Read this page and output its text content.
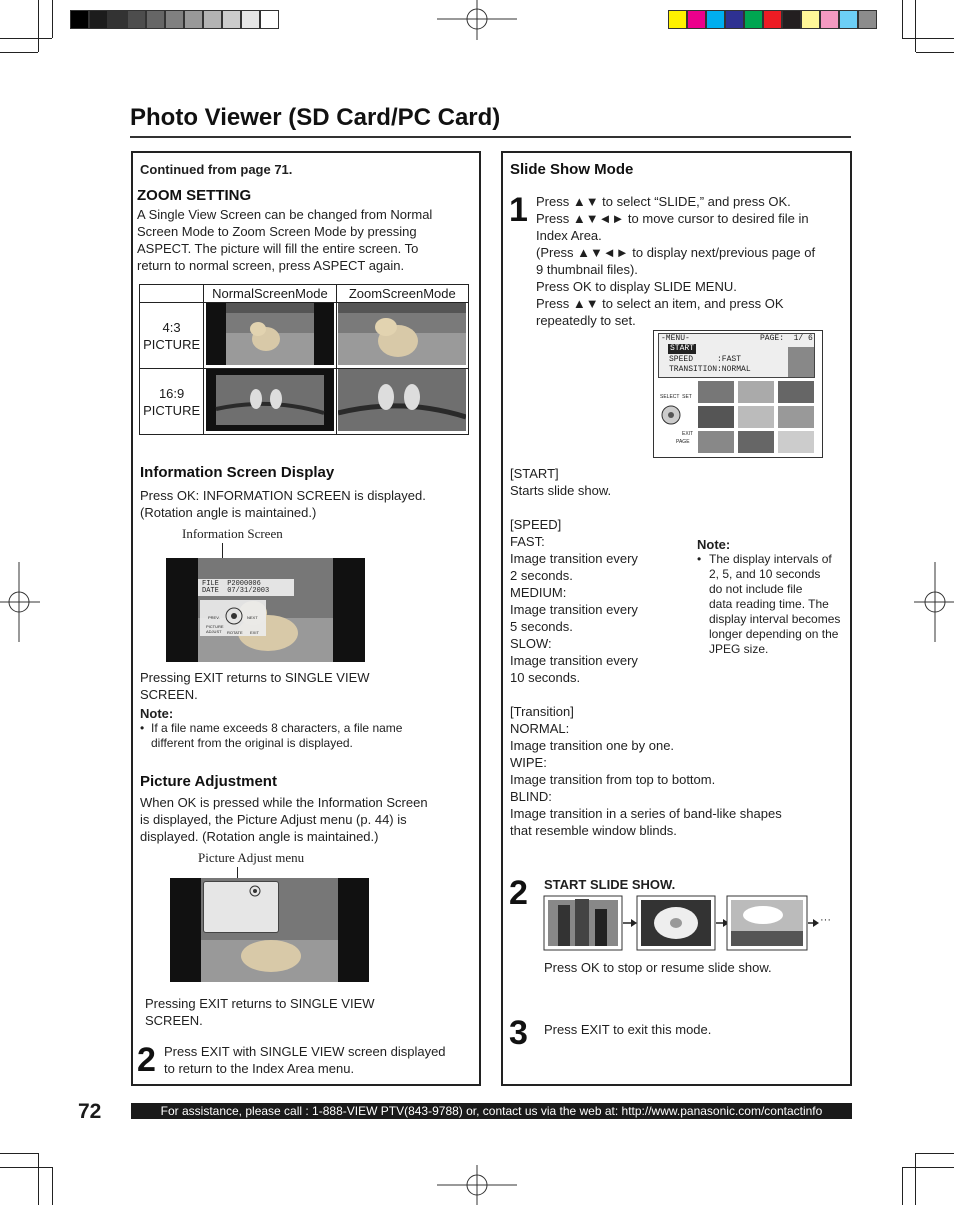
Photo Viewer (SD Card/PC Card)
Continued from page 71.
ZOOM SETTING
A Single View Screen can be changed from Normal
Screen Mode to Zoom Screen Mode by pressing
ASPECT. The picture will fill the entire screen. To
return to normal screen, press ASPECT again.
	NormalScreenMode	ZoomScreenMode
4:3
PICTURE		
16:9
PICTURE		
Information Screen Display
Press OK: INFORMATION SCREEN is displayed.
(Rotation angle is maintained.)
Information Screen
FILE  P2000006
DATE  07/31/2003
PREV.	NEXT
PICTURE
ADJUST	ROTATE EXIT
Pressing EXIT returns to SINGLE VIEW
SCREEN.
Note:
• If a file name exceeds 8 characters, a file name
different from the original is displayed.
Picture Adjustment
When OK is pressed while the Information Screen
is displayed, the Picture Adjust menu (p. 44) is
displayed. (Rotation angle is maintained.)
Picture Adjust menu
Pressing EXIT returns to SINGLE VIEW
SCREEN.
2 Press EXIT with SINGLE VIEW screen displayed
to return to the Index Area menu.
Slide Show Mode
1 Press ▲▼ to select “SLIDE,” and press OK.
Press ▲▼◄► to move cursor to desired file in
Index Area.
(Press ▲▼◄► to display next/previous page of
9 thumbnail files).
Press OK to display SLIDE MENU.
Press ▲▼ to select an item, and press OK
repeatedly to set.
-MENU-	PAGE:  1/ 6
START
SPEED     :FAST
TRANSITION:NORMAL
SELECT  SET
EXIT
PAGE
[START]
Starts slide show.

[SPEED]
FAST:
Image transition every
2 seconds.
MEDIUM:
Image transition every
5 seconds.
SLOW:
Image transition every
10 seconds.

[Transition]
NORMAL:
Image transition one by one.
WIPE:
Image transition from top to bottom.
BLIND:
Image transition in a series of band-like shapes
that resemble window blinds.
Note:
• The display intervals of
2, 5, and 10 seconds
do not include file
data reading time. The
display interval becomes
longer depending on the
JPEG size.
2 START SLIDE SHOW.
···
Press OK to stop or resume slide show.
3 Press EXIT to exit this mode.
72	For assistance, please call : 1-888-VIEW PTV(843-9788) or, contact us via the web at: http://www.panasonic.com/contactinfo
